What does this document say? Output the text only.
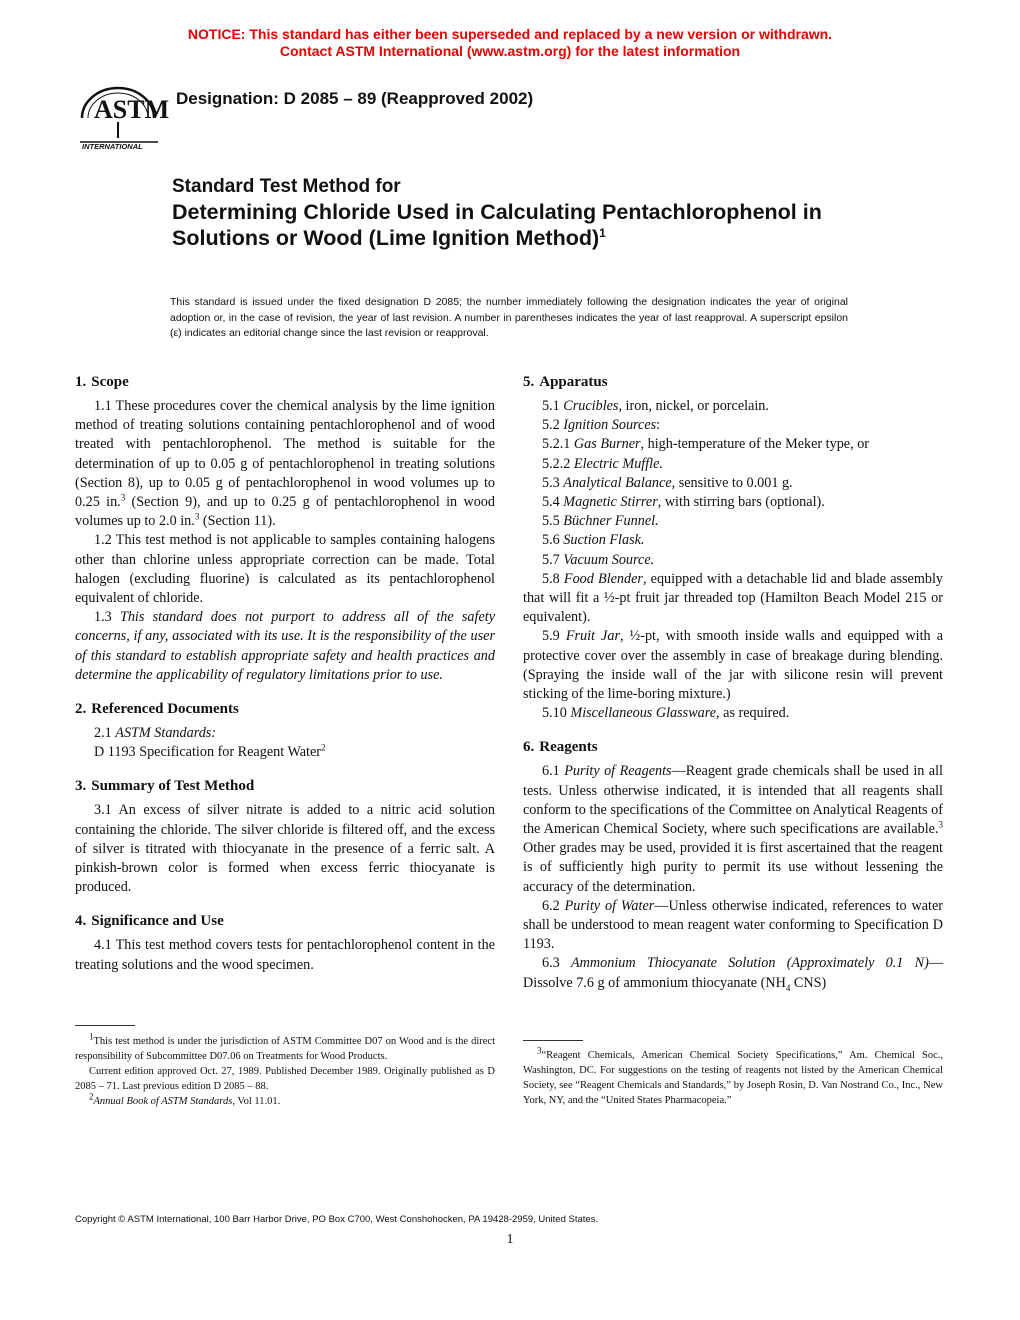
NOTICE: This standard has either been superseded and replaced by a new version or withdrawn.
Contact ASTM International (www.astm.org) for the latest information
ASTM
INTERNATIONAL
Designation: D 2085 – 89 (Reapproved 2002)
Standard Test Method for
Determining Chloride Used in Calculating Pentachlorophenol in Solutions or Wood (Lime Ignition Method)$^1$
This standard is issued under the fixed designation D 2085; the number immediately following the designation indicates the year of original adoption or, in the case of revision, the year of last revision. A number in parentheses indicates the year of last reapproval. A superscript epsilon (ε) indicates an editorial change since the last revision or reapproval.
1. Scope

1.1 These procedures cover the chemical analysis by the lime ignition method of treating solutions containing pentachlorophenol and of wood treated with pentachlorophenol. The method is suitable for the determination of up to 0.05 g of pentachlorophenol in treating solutions (Section 8), up to 0.05 g of pentachlorophenol in wood volumes up to 0.25 in.$^3$ (Section 9), and up to 0.25 g of pentachlorophenol in wood volumes up to 2.0 in.$^3$ (Section 11).

1.2 This test method is not applicable to samples containing halogens other than chlorine unless appropriate correction can be made. Total halogen (excluding fluorine) is calculated as its pentachlorophenol equivalent of chloride.

1.3 This standard does not purport to address all of the safety concerns, if any, associated with its use. It is the responsibility of the user of this standard to establish appropriate safety and health practices and determine the applicability of regulatory limitations prior to use.

2. Referenced Documents

2.1 ASTM Standards:

D 1193 Specification for Reagent Water$^2$

3. Summary of Test Method

3.1 An excess of silver nitrate is added to a nitric acid solution containing the chloride. The silver chloride is filtered off, and the excess of silver is titrated with thiocyanate in the presence of a ferric salt. A pinkish-brown color is formed when excess ferric thiocyanate is produced.

4. Significance and Use

4.1 This test method covers tests for pentachlorophenol content in the treating solutions and the wood specimen.

5. Apparatus

5.1 Crucibles, iron, nickel, or porcelain.

5.2 Ignition Sources:

5.2.1 Gas Burner, high-temperature of the Meker type, or

5.2.2 Electric Muffle.

5.3 Analytical Balance, sensitive to 0.001 g.

5.4 Magnetic Stirrer, with stirring bars (optional).

5.5 Büchner Funnel.

5.6 Suction Flask.

5.7 Vacuum Source.

5.8 Food Blender, equipped with a detachable lid and blade assembly that will fit a ½-pt fruit jar threaded top (Hamilton Beach Model 215 or equivalent).

5.9 Fruit Jar, ½-pt, with smooth inside walls and equipped with a protective cover over the assembly in case of breakage during blending. (Spraying the inside wall of the jar with silicone resin will prevent sticking of the lime-boring mixture.)

5.10 Miscellaneous Glassware, as required.

6. Reagents

6.1 Purity of Reagents—Reagent grade chemicals shall be used in all tests. Unless otherwise indicated, it is intended that all reagents shall conform to the specifications of the Committee on Analytical Reagents of the American Chemical Society, where such specifications are available.$^3$ Other grades may be used, provided it is first ascertained that the reagent is of sufficiently high purity to permit its use without lessening the accuracy of the determination.

6.2 Purity of Water—Unless otherwise indicated, references to water shall be understood to mean reagent water conforming to Specification D 1193.

6.3 Ammonium Thiocyanate Solution (Approximately 0.1 N)—Dissolve 7.6 g of ammonium thiocyanate ($NH_4$ CNS)

$^1$This test method is under the jurisdiction of ASTM Committee D07 on Wood and is the direct responsibility of Subcommittee D07.06 on Treatments for Wood Products.

Current edition approved Oct. 27, 1989. Published December 1989. Originally published as D 2085 – 71. Last previous edition D 2085 – 88.

$^2$Annual Book of ASTM Standards, Vol 11.01.

$^3$“Reagent Chemicals, American Chemical Society Specifications,” Am. Chemical Soc., Washington, DC. For suggestions on the testing of reagents not listed by the American Chemical Society, see “Reagent Chemicals and Standards,” by Joseph Rosin, D. Van Nostrand Co., Inc., New York, NY, and the “United States Pharmacopeia.”

Copyright © ASTM International, 100 Barr Harbor Drive, PO Box C700, West Conshohocken, PA 19428-2959, United States.
1
